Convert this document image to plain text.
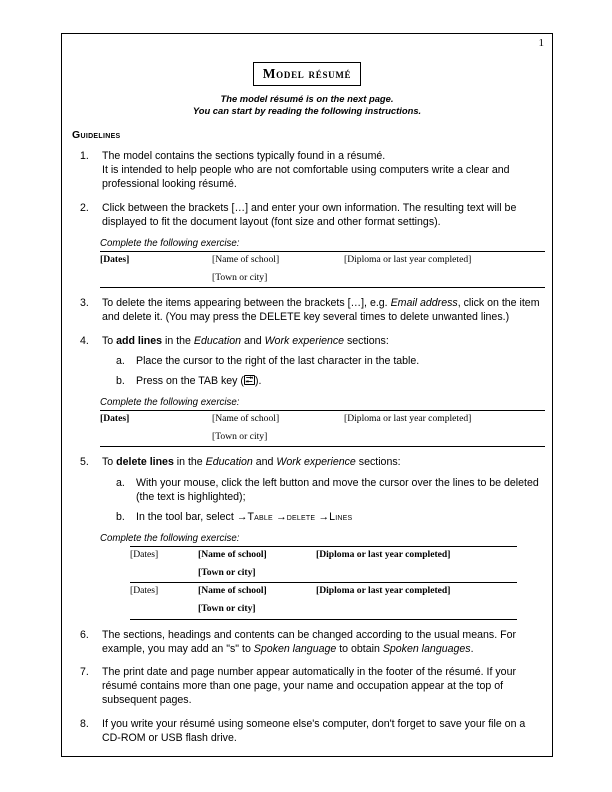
1
Model résumé
The model résumé is on the next page.
You can start by reading the following instructions.
Guidelines
1.	The model contains the sections typically found in a résumé.

It is intended to help people who are not comfortable using computers write a clear and professional looking résumé.

2.	Click between the brackets […] and enter your own information. The resulting text will be displayed to fit the document layout (font size and other format settings).

Complete the following exercise:
[Dates]	[Name of school]	[Diploma or last year completed]
	[Town or city]	
3.	To delete the items appearing between the brackets […], e.g. Email address, click on the item and delete it. (You may press the DELETE key several times to delete unwanted lines.)

4.	To add lines in the Education and Work experience sections:

a.	Place the cursor to the right of the last character in the table.

b.	Press on the TAB key ( ).

Complete the following exercise:
[Dates]	[Name of school]	[Diploma or last year completed]
	[Town or city]	
5.	To delete lines in the Education and Work experience sections:

a.	With your mouse, click the left button and move the cursor over the lines to be deleted (the text is highlighted);

b.	In the tool bar, select →Table →delete →Lines

Complete the following exercise:
[Dates]	[Name of school]	[Diploma or last year completed]
	[Town or city]	
[Dates]	[Name of school]	[Diploma or last year completed]
	[Town or city]	
6.	The sections, headings and contents can be changed according to the usual means. For example, you may add an "s" to Spoken language to obtain Spoken languages.

7.	The print date and page number appear automatically in the footer of the résumé. If your résumé contains more than one page, your name and occupation appear at the top of subsequent pages.

8.	If you write your résumé using someone else's computer, don't forget to save your file on a CD-ROM or USB flash drive.
